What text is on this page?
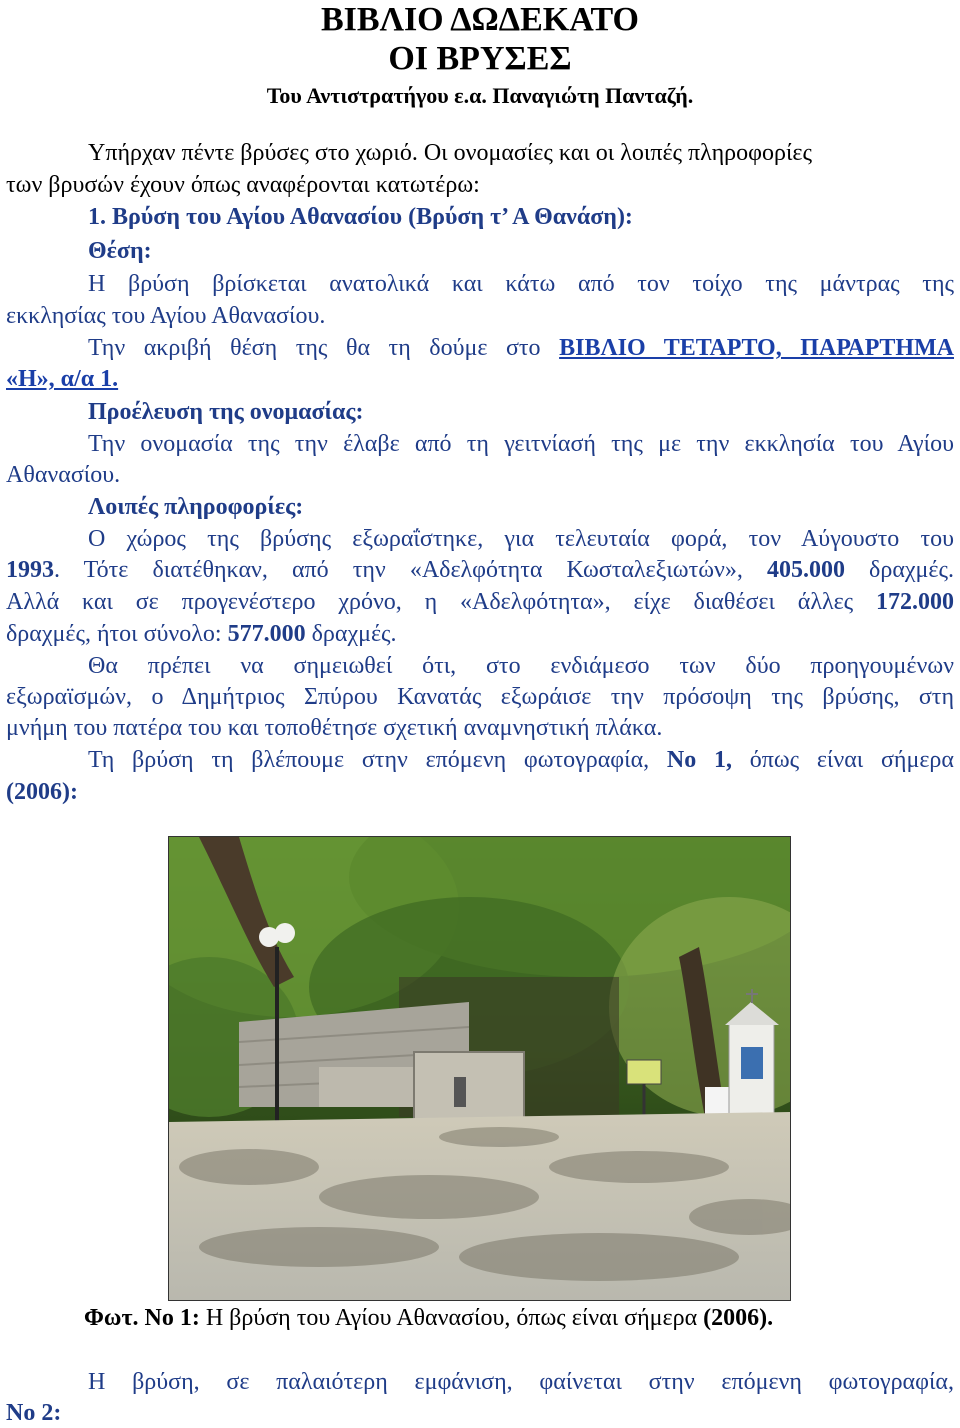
ΒΙΒΛΙΟ ΔΩΔΕΚΑΤΟ
ΟΙ ΒΡΥΣΕΣ

Του Αντιστρατήγου ε.α. Παναγιώτη Πανταζή.

Υπήρχαν πέντε βρύσες στο χωριό. Οι ονομασίες και οι λοιπές πληροφορίες

των βρυσών έχουν όπως αναφέρονται κατωτέρω:

1. Βρύση του Αγίου Αθανασίου (Βρύση τ’ Α Θανάση):

Θέση:

Η βρύση βρίσκεται ανατολικά και κάτω από τον τοίχο της μάντρας της

εκκλησίας του Αγίου Αθανασίου.

Την ακριβή θέση της θα τη δούμε στο ΒΙΒΛΙΟ ΤΕΤΑΡΤΟ, ΠΑΡΑΡΤΗΜΑ

«Η», α/α 1.

Προέλευση της ονομασίας:

Την ονομασία της την έλαβε από τη γειτνίασή της με την εκκλησία του Αγίου

Αθανασίου.

Λοιπές πληροφορίες:

Ο χώρος της βρύσης εξωραΐστηκε, για τελευταία φορά, τον Αύγουστο του

1993. Τότε διατέθηκαν, από την «Αδελφότητα Κωσταλεξιωτών», 405.000 δραχμές.

Αλλά και σε προγενέστερο χρόνο, η «Αδελφότητα», είχε διαθέσει άλλες 172.000

δραχμές, ήτοι σύνολο: 577.000 δραχμές.

Θα πρέπει να σημειωθεί ότι, στο ενδιάμεσο των δύο προηγουμένων

εξωραϊσμών, ο Δημήτριος Σπύρου Κανατάς εξωράισε την πρόσοψη της βρύσης, στη

μνήμη του πατέρα του και τοποθέτησε σχετική αναμνηστική πλάκα.

Τη βρύση τη βλέπουμε στην επόμενη φωτογραφία, Νο 1, όπως είναι σήμερα

(2006):

Φωτ. Νο 1: Η βρύση του Αγίου Αθανασίου, όπως είναι σήμερα (2006).

Η βρύση, σε παλαιότερη εμφάνιση, φαίνεται στην επόμενη φωτογραφία,

Νο 2:
